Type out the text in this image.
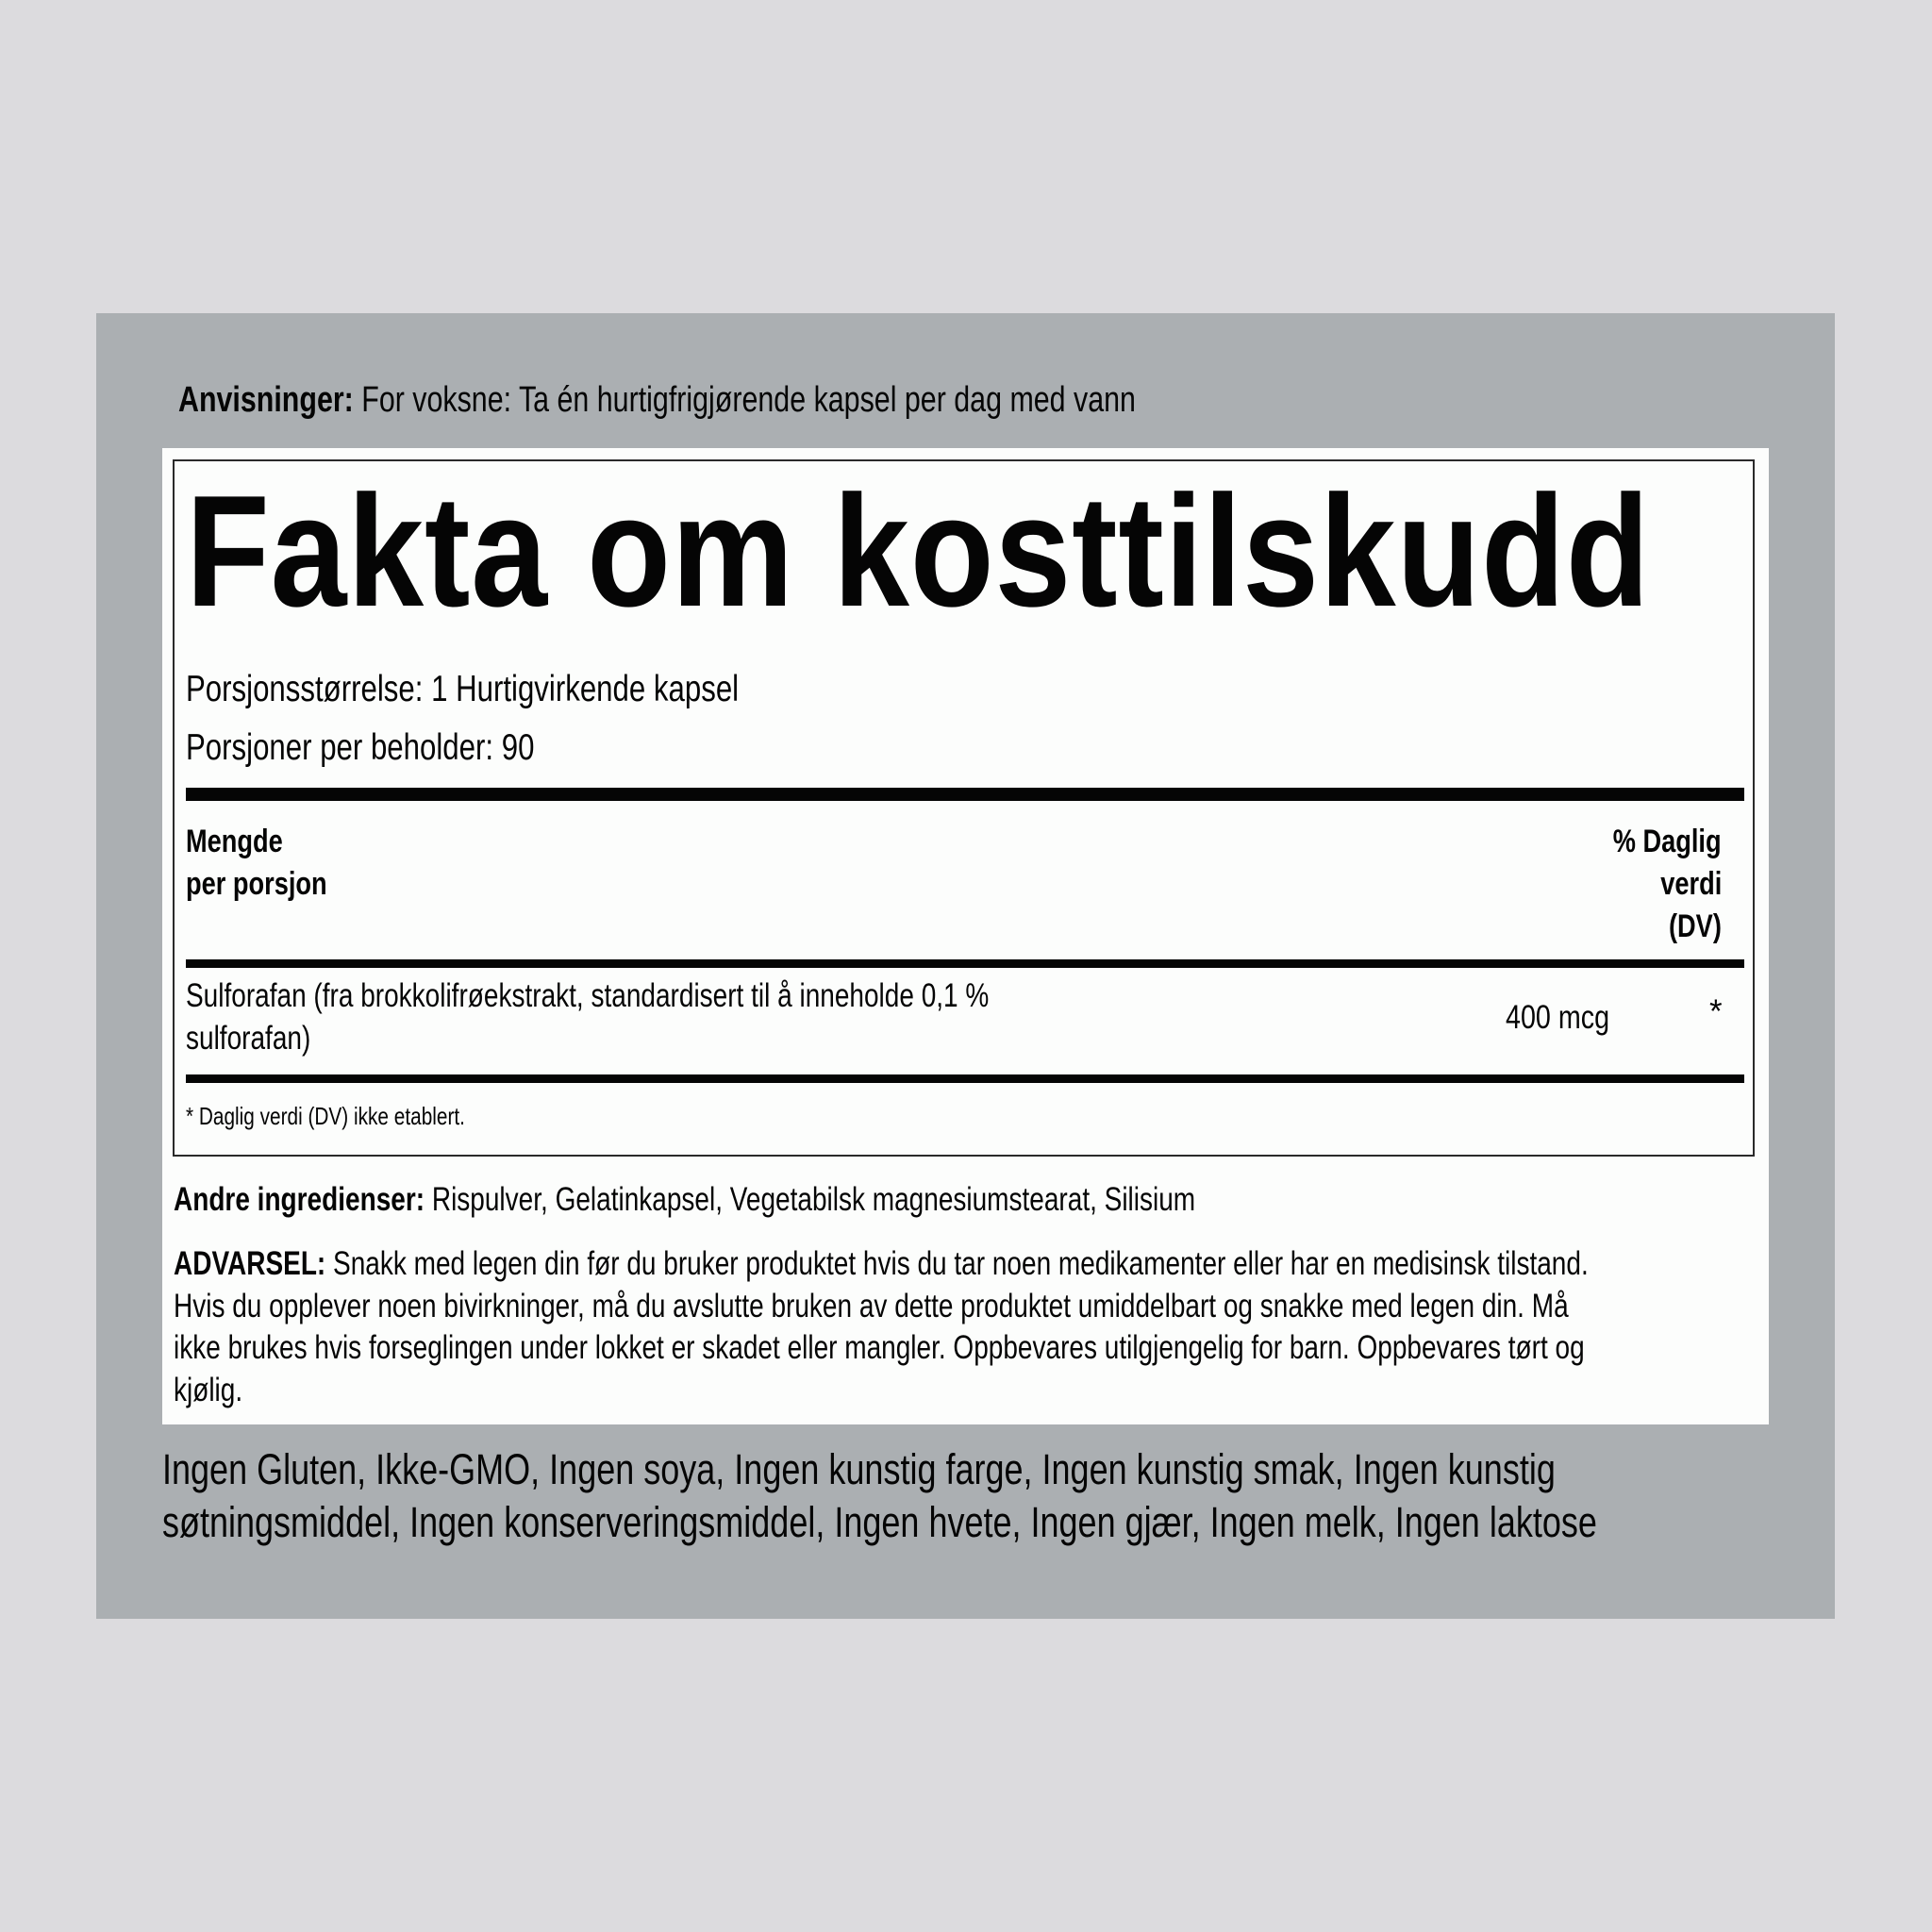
Anvisninger: For voksne: Ta én hurtigfrigjørende kapsel per dag med vann
Fakta om kosttilskudd
Porsjonsstørrelse: 1 Hurtigvirkende kapsel
Porsjoner per beholder: 90
Mengde
per porsjon
% Daglig
verdi
(DV)
Sulforafan (fra brokkolifrøekstrakt, standardisert til å inneholde 0,1 %
sulforafan)
400 mcg	*
* Daglig verdi (DV) ikke etablert.
Andre ingredienser: Rispulver, Gelatinkapsel, Vegetabilsk magnesiumstearat, Silisium
ADVARSEL: Snakk med legen din før du bruker produktet hvis du tar noen medikamenter eller har en medisinsk tilstand.
Hvis du opplever noen bivirkninger, må du avslutte bruken av dette produktet umiddelbart og snakke med legen din. Må
ikke brukes hvis forseglingen under lokket er skadet eller mangler. Oppbevares utilgjengelig for barn. Oppbevares tørt og
kjølig.
Ingen Gluten, Ikke-GMO, Ingen soya, Ingen kunstig farge, Ingen kunstig smak, Ingen kunstig
søtningsmiddel, Ingen konserveringsmiddel, Ingen hvete, Ingen gjær, Ingen melk, Ingen laktose
